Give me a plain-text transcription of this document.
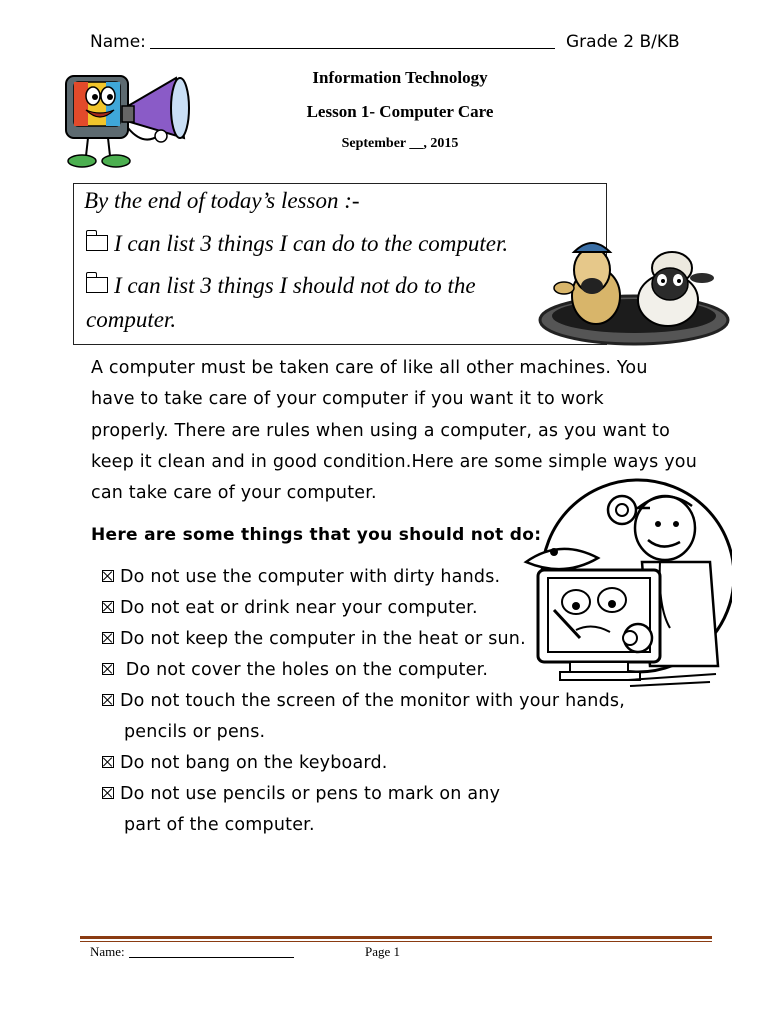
Name:	Grade 2 B/KB
Information Technology
Lesson 1- Computer Care
September __, 2015
By the end of today’s lesson :-
I can list 3 things I can do to the computer.
I can list 3 things I should not do to the
computer.
A computer must be taken care of like all other machines. You
have to take care of your computer if you want it to work
properly. There are rules when using a computer, as you want to
keep it clean and in good condition.Here are some simple ways you
can take care of your computer.
Here are some things that you should not do:
Do not use the computer with dirty hands.
Do not eat or drink near your computer.
Do not keep the computer in the heat or sun.
Do not cover the holes on the computer.
Do not touch the screen of the monitor with your hands,
pencils or pens.
Do not bang on the keyboard.
Do not use pencils or pens to mark on any
part of the computer.
Name:	Page 1
